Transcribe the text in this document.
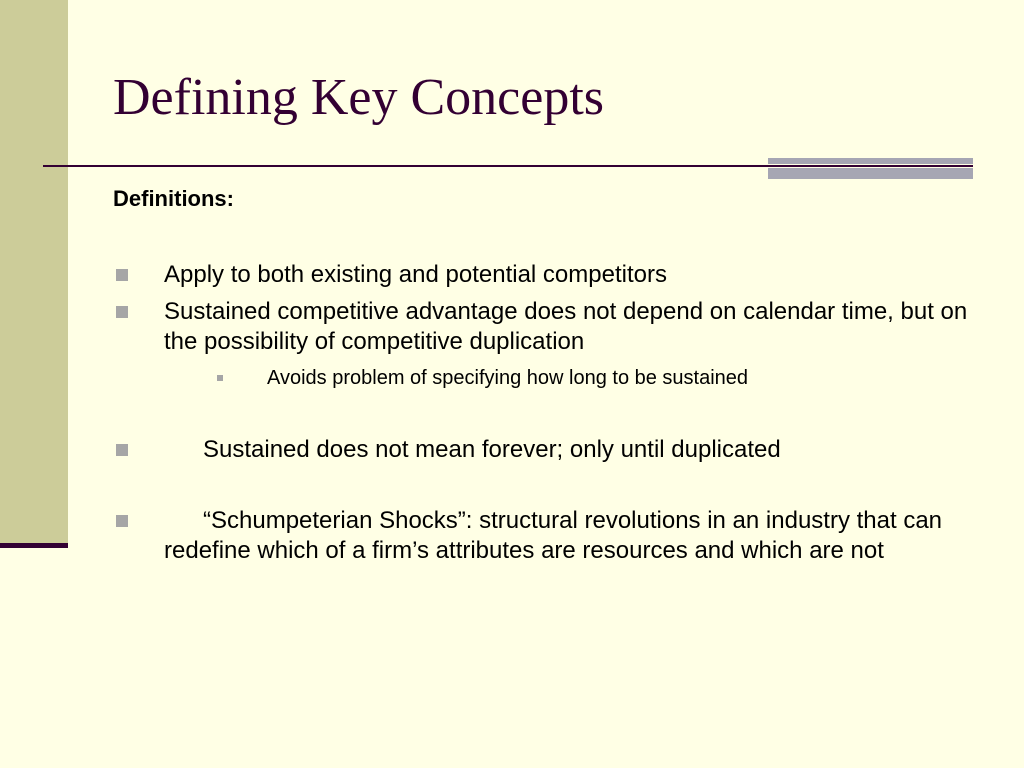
Defining Key Concepts
Definitions:
Apply to both existing and potential competitors
Sustained competitive advantage does not depend on calendar time, but on the possibility of competitive duplication
Avoids problem of specifying how long to be sustained
Sustained does not mean forever; only until duplicated
“Schumpeterian Shocks”: structural revolutions in an industry that can redefine which of a firm’s attributes are resources and which are not
